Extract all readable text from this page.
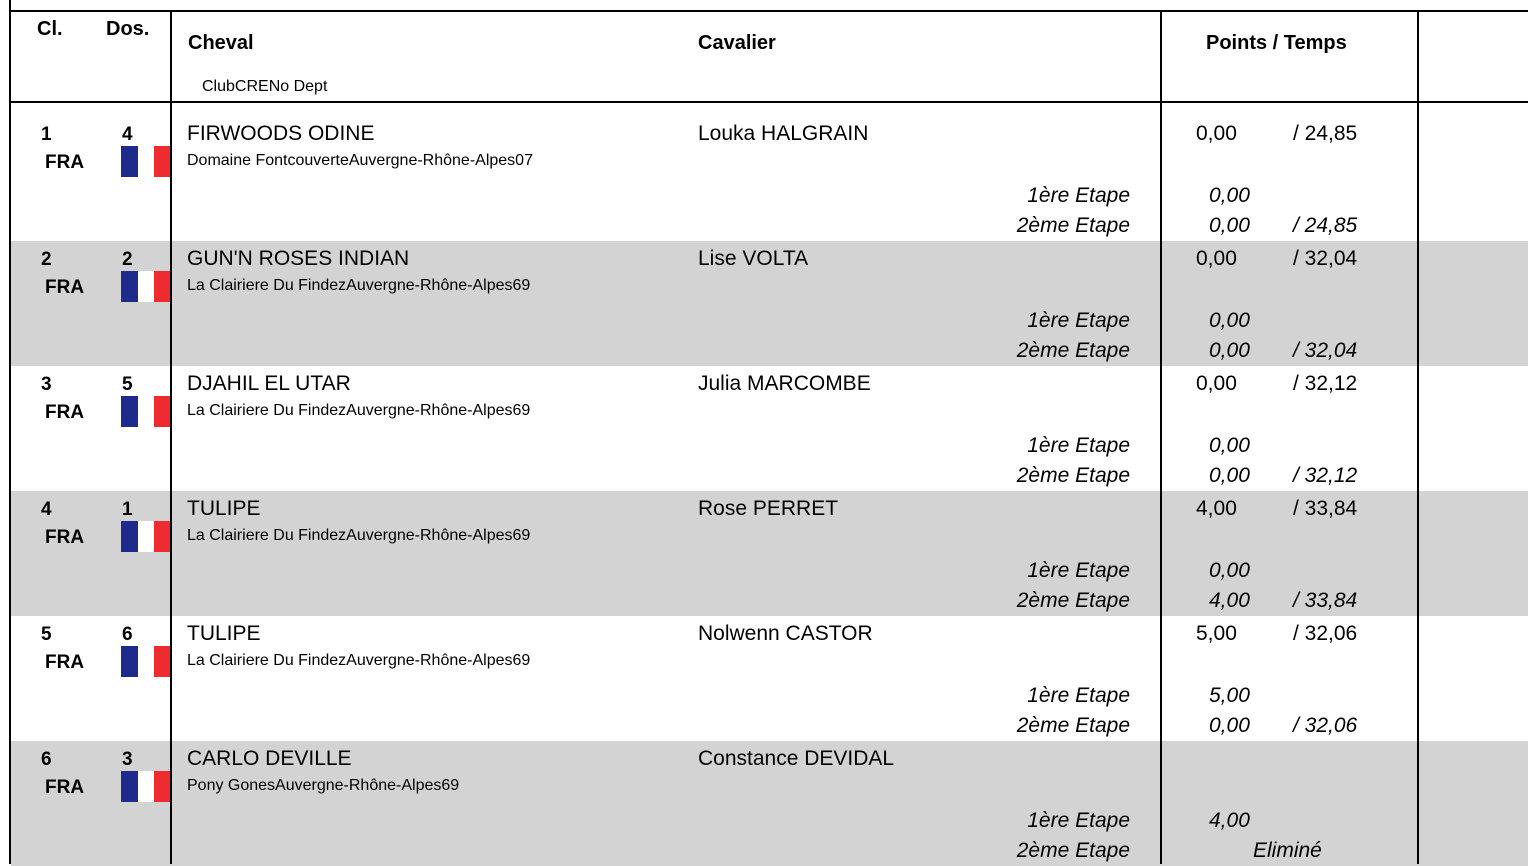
Cl. Dos.
Cheval	Cavalier	Points / Temps
ClubCRENo Dept
1	4
FRA
FIRWOODS ODINE
Domaine FontcouverteAuvergne-Rhône-Alpes07
Louka HALGRAIN	0,00	/ 24,85
1ère Etape	0,00
2ème Etape	0,00 / 24,85
2	2
FRA
GUN'N ROSES INDIAN
La Clairiere Du FindezAuvergne-Rhône-Alpes69
Lise VOLTA	0,00	/ 32,04
1ère Etape	0,00
2ème Etape	0,00 / 32,04
3	5
FRA
DJAHIL EL UTAR
La Clairiere Du FindezAuvergne-Rhône-Alpes69
Julia MARCOMBE	0,00	/ 32,12
1ère Etape	0,00
2ème Etape	0,00 / 32,12
4	1
FRA
TULIPE
La Clairiere Du FindezAuvergne-Rhône-Alpes69
Rose PERRET	4,00	/ 33,84
1ère Etape	0,00
2ème Etape	4,00 / 33,84
5	6
FRA
TULIPE
La Clairiere Du FindezAuvergne-Rhône-Alpes69
Nolwenn CASTOR	5,00	/ 32,06
1ère Etape	5,00
2ème Etape	0,00 / 32,06
6	3
FRA
CARLO DEVILLE
Pony GonesAuvergne-Rhône-Alpes69
Constance DEVIDAL
1ère Etape	4,00
2ème Etape	Eliminé
